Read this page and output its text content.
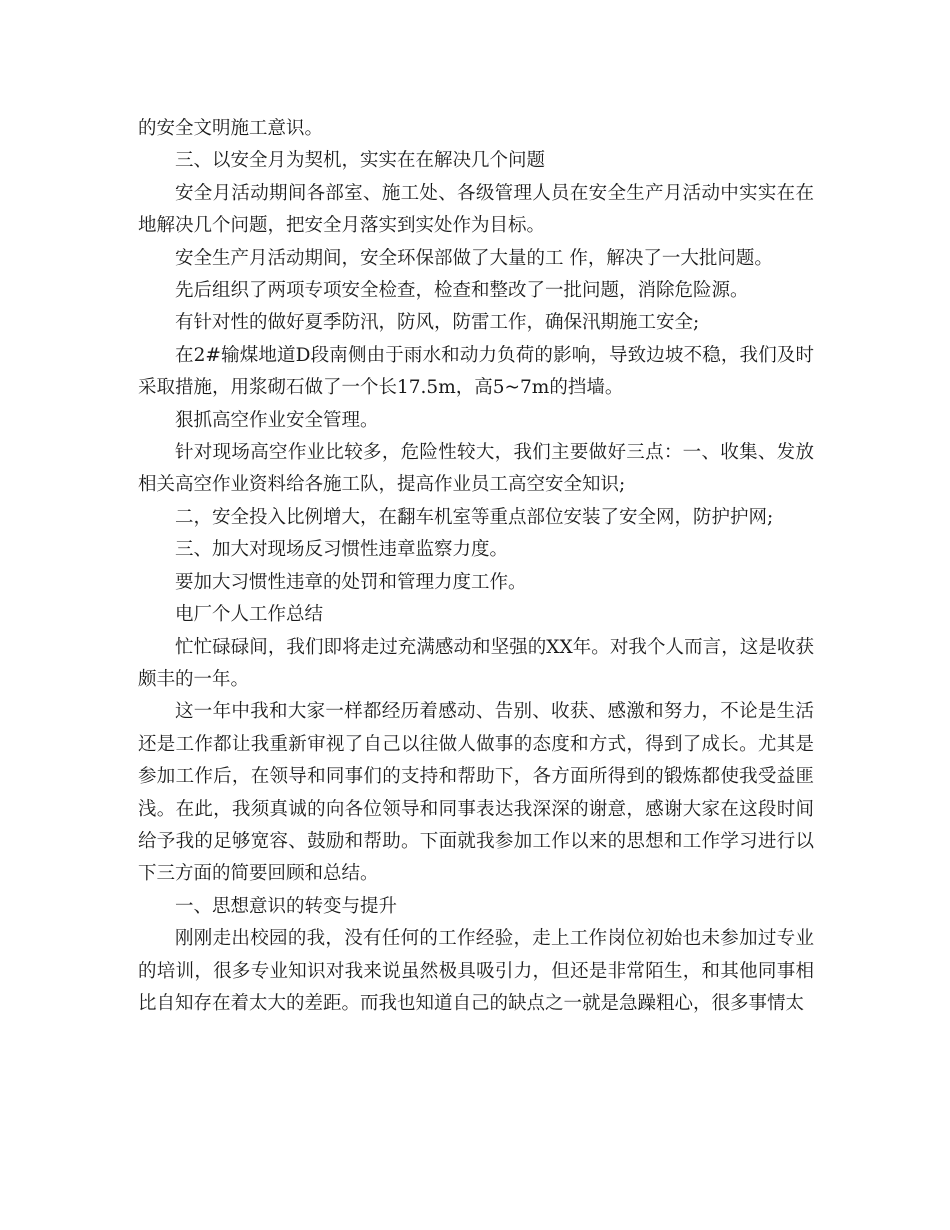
的安全文明施工意识。

三、以安全月为契机，实实在在解决几个问题

安全月活动期间各部室、施工处、各级管理人员在安全生产月活动中实实在在地解决几个问题，把安全月落实到实处作为目标。

安全生产月活动期间，安全环保部做了大量的工 作，解决了一大批问题。

先后组织了两项专项安全检查，检查和整改了一批问题，消除危险源。

有针对性的做好夏季防汛，防风，防雷工作，确保汛期施工安全;

在2#输煤地道D段南侧由于雨水和动力负荷的影响，导致边坡不稳，我们及时采取措施，用浆砌石做了一个长17.5m，高5~7m的挡墙。

狠抓高空作业安全管理。

针对现场高空作业比较多，危险性较大，我们主要做好三点：一、收集、发放相关高空作业资料给各施工队，提高作业员工高空安全知识;

二，安全投入比例增大，在翻车机室等重点部位安装了安全网，防护护网;

三、加大对现场反习惯性违章监察力度。

要加大习惯性违章的处罚和管理力度工作。

电厂个人工作总结

忙忙碌碌间，我们即将走过充满感动和坚强的XX年。对我个人而言，这是收获颇丰的一年。

这一年中我和大家一样都经历着感动、告别、收获、感激和努力，不论是生活还是工作都让我重新审视了自己以往做人做事的态度和方式，得到了成长。尤其是参加工作后，在领导和同事们的支持和帮助下，各方面所得到的锻炼都使我受益匪浅。在此，我须真诚的向各位领导和同事表达我深深的谢意，感谢大家在这段时间给予我的足够宽容、鼓励和帮助。下面就我参加工作以来的思想和工作学习进行以下三方面的简要回顾和总结。

一、思想意识的转变与提升

刚刚走出校园的我，没有任何的工作经验，走上工作岗位初始也未参加过专业的培训，很多专业知识对我来说虽然极具吸引力，但还是非常陌生，和其他同事相比自知存在着太大的差距。而我也知道自己的缺点之一就是急躁粗心，很多事情太
